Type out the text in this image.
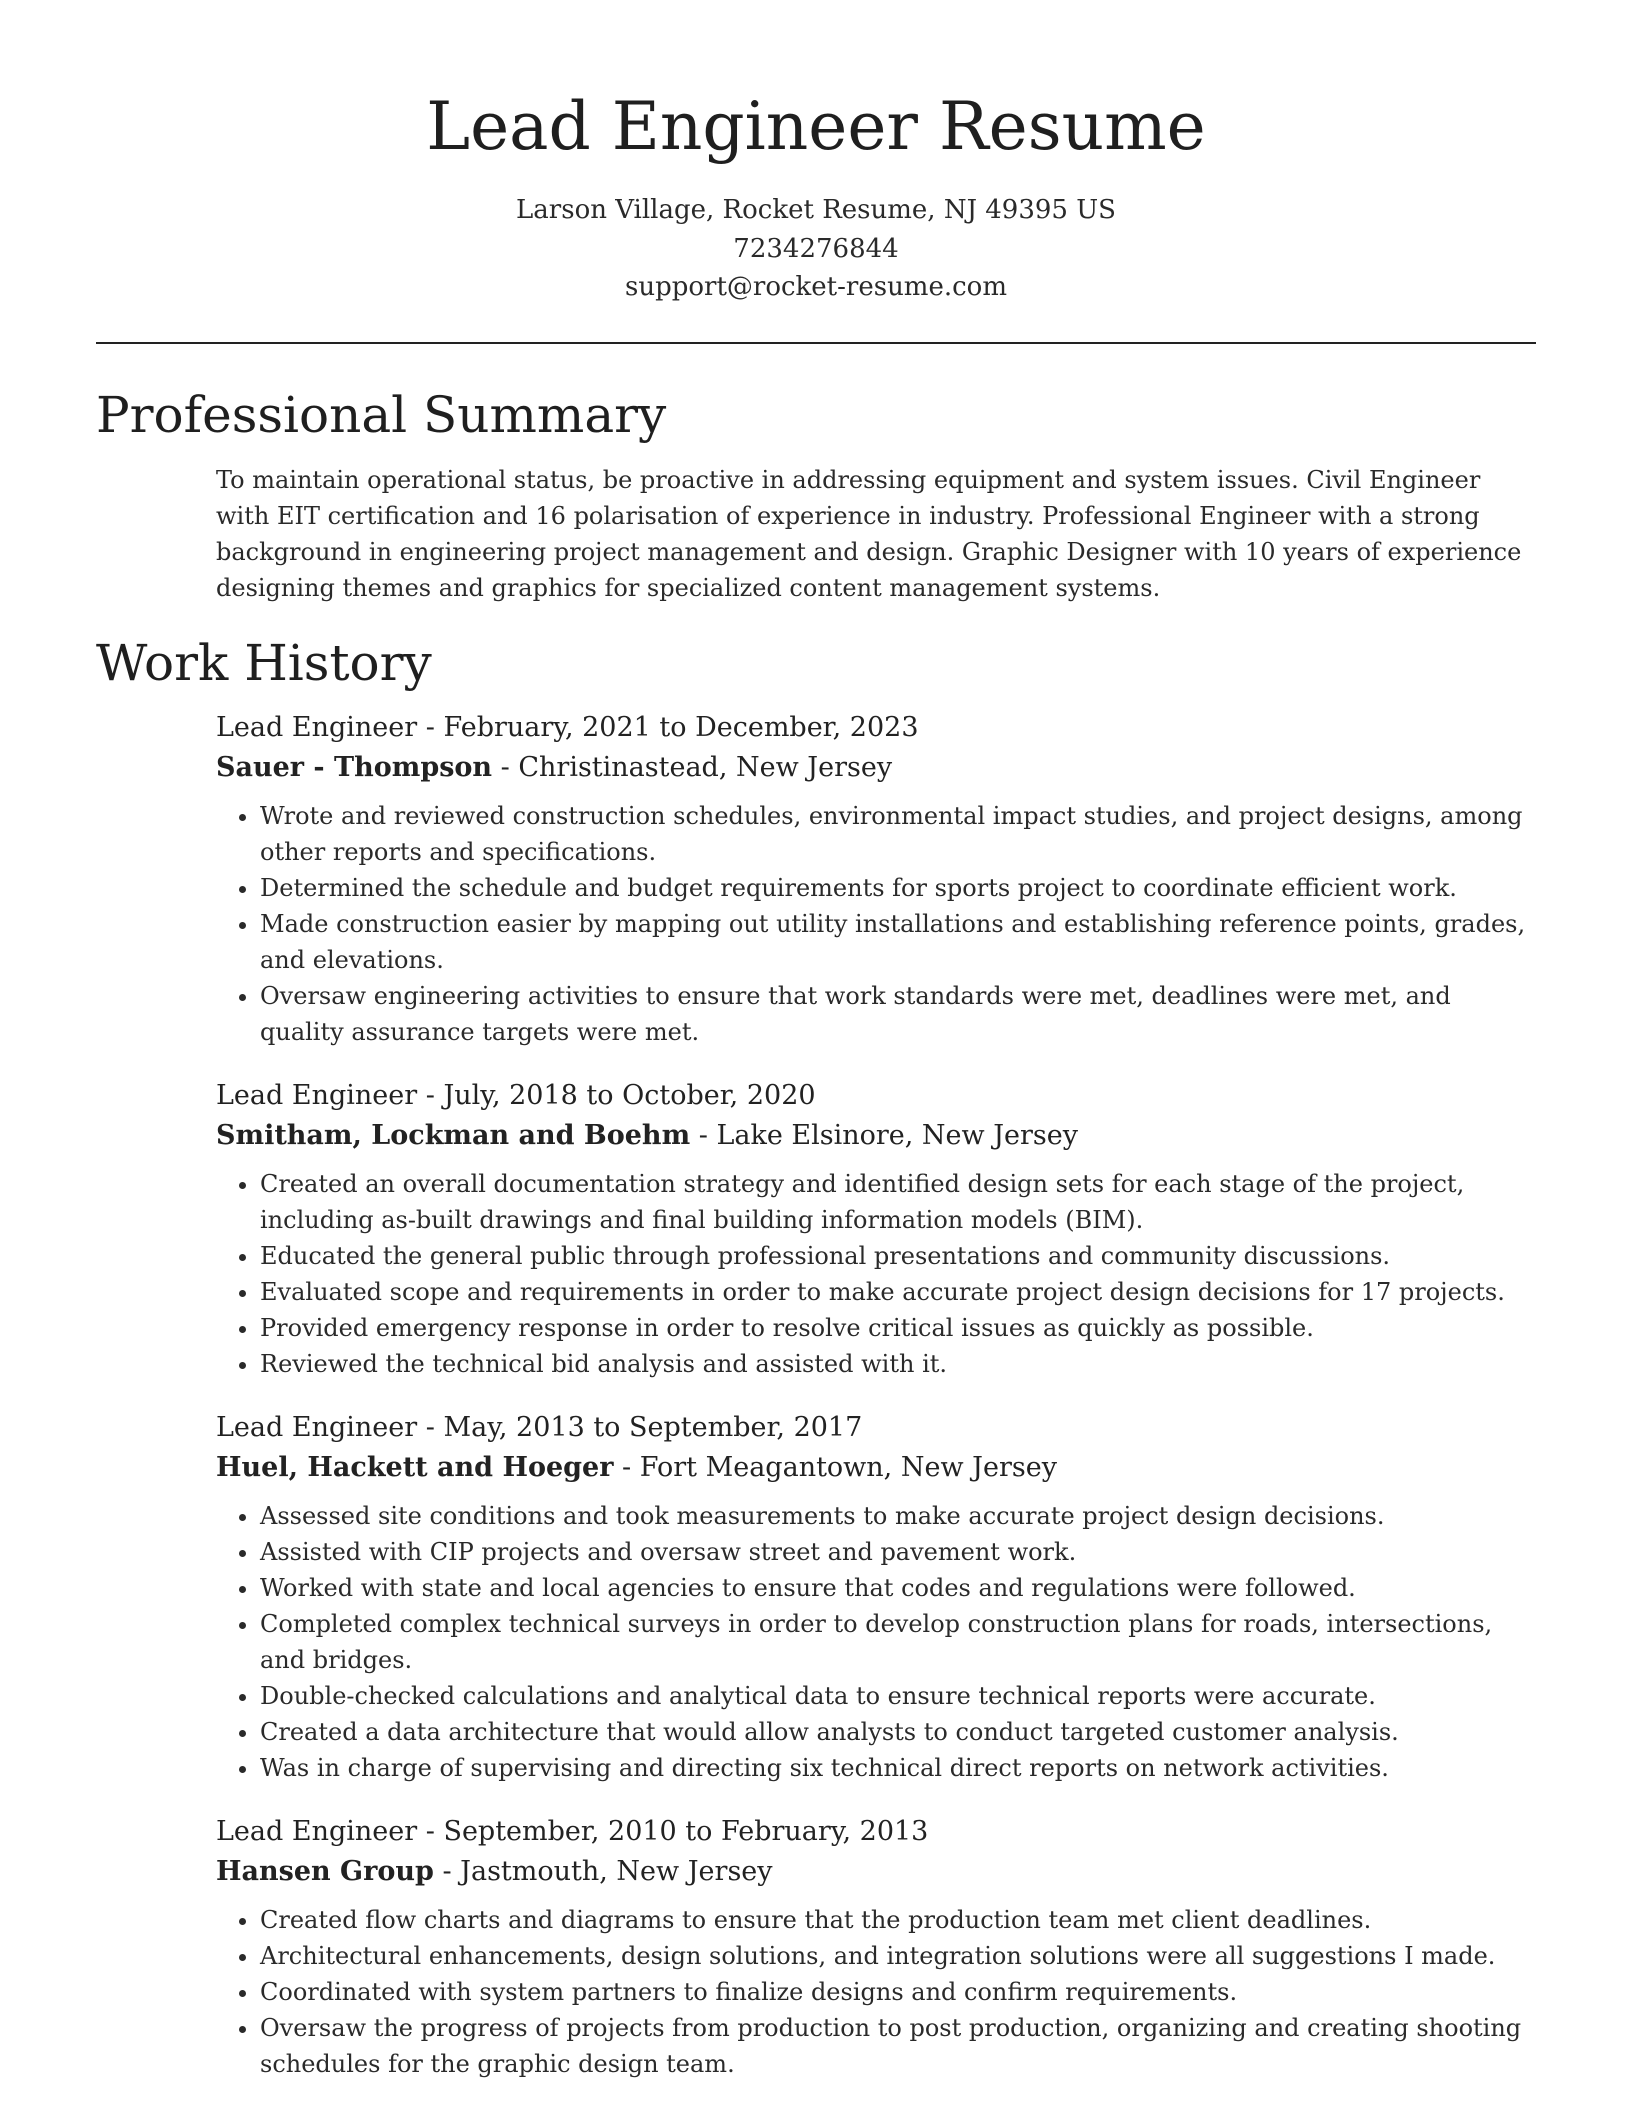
Lead Engineer Resume
Larson Village, Rocket Resume, NJ 49395 US
7234276844
support@rocket-resume.com
Professional Summary

To maintain operational status, be proactive in addressing equipment and system issues. Civil Engineer with EIT certification and 16 polarisation of experience in industry. Professional Engineer with a strong background in engineering project management and design. Graphic Designer with 10 years of experience designing themes and graphics for specialized content management systems.

Work History
Lead Engineer - February, 2021 to December, 2023
Sauer - Thompson - Christinastead, New Jersey
• Wrote and reviewed construction schedules, environmental impact studies, and project designs, among other reports and specifications.
• Determined the schedule and budget requirements for sports project to coordinate efficient work.
• Made construction easier by mapping out utility installations and establishing reference points, grades, and elevations.
• Oversaw engineering activities to ensure that work standards were met, deadlines were met, and quality assurance targets were met.
Lead Engineer - July, 2018 to October, 2020
Smitham, Lockman and Boehm - Lake Elsinore, New Jersey
• Created an overall documentation strategy and identified design sets for each stage of the project, including as-built drawings and final building information models (BIM).
• Educated the general public through professional presentations and community discussions.
• Evaluated scope and requirements in order to make accurate project design decisions for 17 projects.
• Provided emergency response in order to resolve critical issues as quickly as possible.
• Reviewed the technical bid analysis and assisted with it.
Lead Engineer - May, 2013 to September, 2017
Huel, Hackett and Hoeger - Fort Meagantown, New Jersey
• Assessed site conditions and took measurements to make accurate project design decisions.
• Assisted with CIP projects and oversaw street and pavement work.
• Worked with state and local agencies to ensure that codes and regulations were followed.
• Completed complex technical surveys in order to develop construction plans for roads, intersections, and bridges.
• Double-checked calculations and analytical data to ensure technical reports were accurate.
• Created a data architecture that would allow analysts to conduct targeted customer analysis.
• Was in charge of supervising and directing six technical direct reports on network activities.
Lead Engineer - September, 2010 to February, 2013
Hansen Group - Jastmouth, New Jersey
• Created flow charts and diagrams to ensure that the production team met client deadlines.
• Architectural enhancements, design solutions, and integration solutions were all suggestions I made.
• Coordinated with system partners to finalize designs and confirm requirements.
• Oversaw the progress of projects from production to post production, organizing and creating shooting schedules for the graphic design team.
